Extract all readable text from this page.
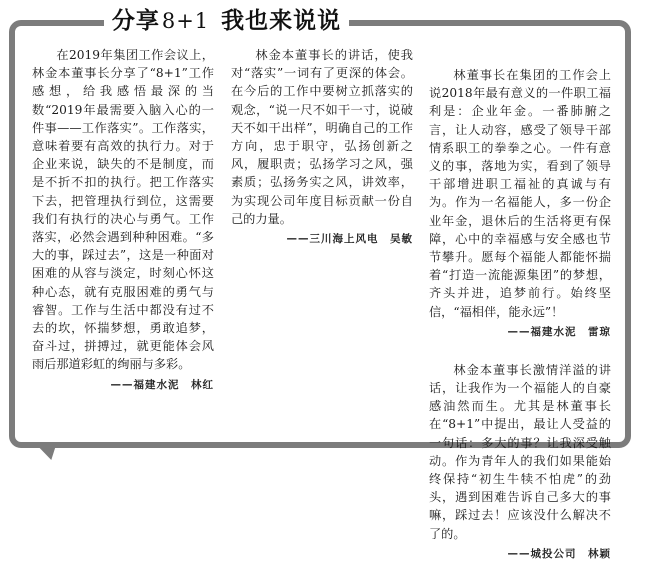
分享8+1 我也来说说

在2019年集团工作会议上，林金本董事长分享了“8+1”工作感想，给我感悟最深的当数“2019年最需要入脑入心的一件事——工作落实”。工作落实，意味着要有高效的执行力。对于企业来说，缺失的不是制度，而是不折不扣的执行。把工作落实下去，把管理执行到位，这需要我们有执行的决心与勇气。工作落实，必然会遇到种种困难。“多大的事，踩过去”，这是一种面对困难的从容与淡定，时刻心怀这种心态，就有克服困难的勇气与睿智。工作与生活中都没有过不去的坎，怀揣梦想，勇敢追梦，奋斗过，拼搏过，就更能体会风雨后那道彩虹的绚丽与多彩。

——福建水泥　林红

林金本董事长的讲话，使我对“落实”一词有了更深的体会。在今后的工作中要树立抓落实的观念，“说一尺不如干一寸，说破天不如干出样”，明确自己的工作方向，忠于职守，弘扬创新之风，履职责；弘扬学习之风，强素质；弘扬务实之风，讲效率，为实现公司年度目标贡献一份自己的力量。

——三川海上风电　吴敏

林董事长在集团的工作会上说2018年最有意义的一件职工福利是：企业年金。一番肺腑之言，让人动容，感受了领导干部情系职工的拳拳之心。一件有意义的事，落地为实，看到了领导干部增进职工福祉的真诚与有为。作为一名福能人，多一份企业年金，退休后的生活将更有保障，心中的幸福感与安全感也节节攀升。愿每个福能人都能怀揣着“打造一流能源集团”的梦想，齐头并进，追梦前行。始终坚信，“福相伴，能永远”！

——福建水泥　雷琼

林金本董事长激情洋溢的讲话，让我作为一个福能人的自豪感油然而生。尤其是林董事长在“8+1”中提出，最让人受益的一句话：多大的事？让我深受触动。作为青年人的我们如果能始终保持“初生牛犊不怕虎”的劲头，遇到困难告诉自己多大的事嘛，踩过去！应该没什么解决不了的。

——城投公司　林颖
